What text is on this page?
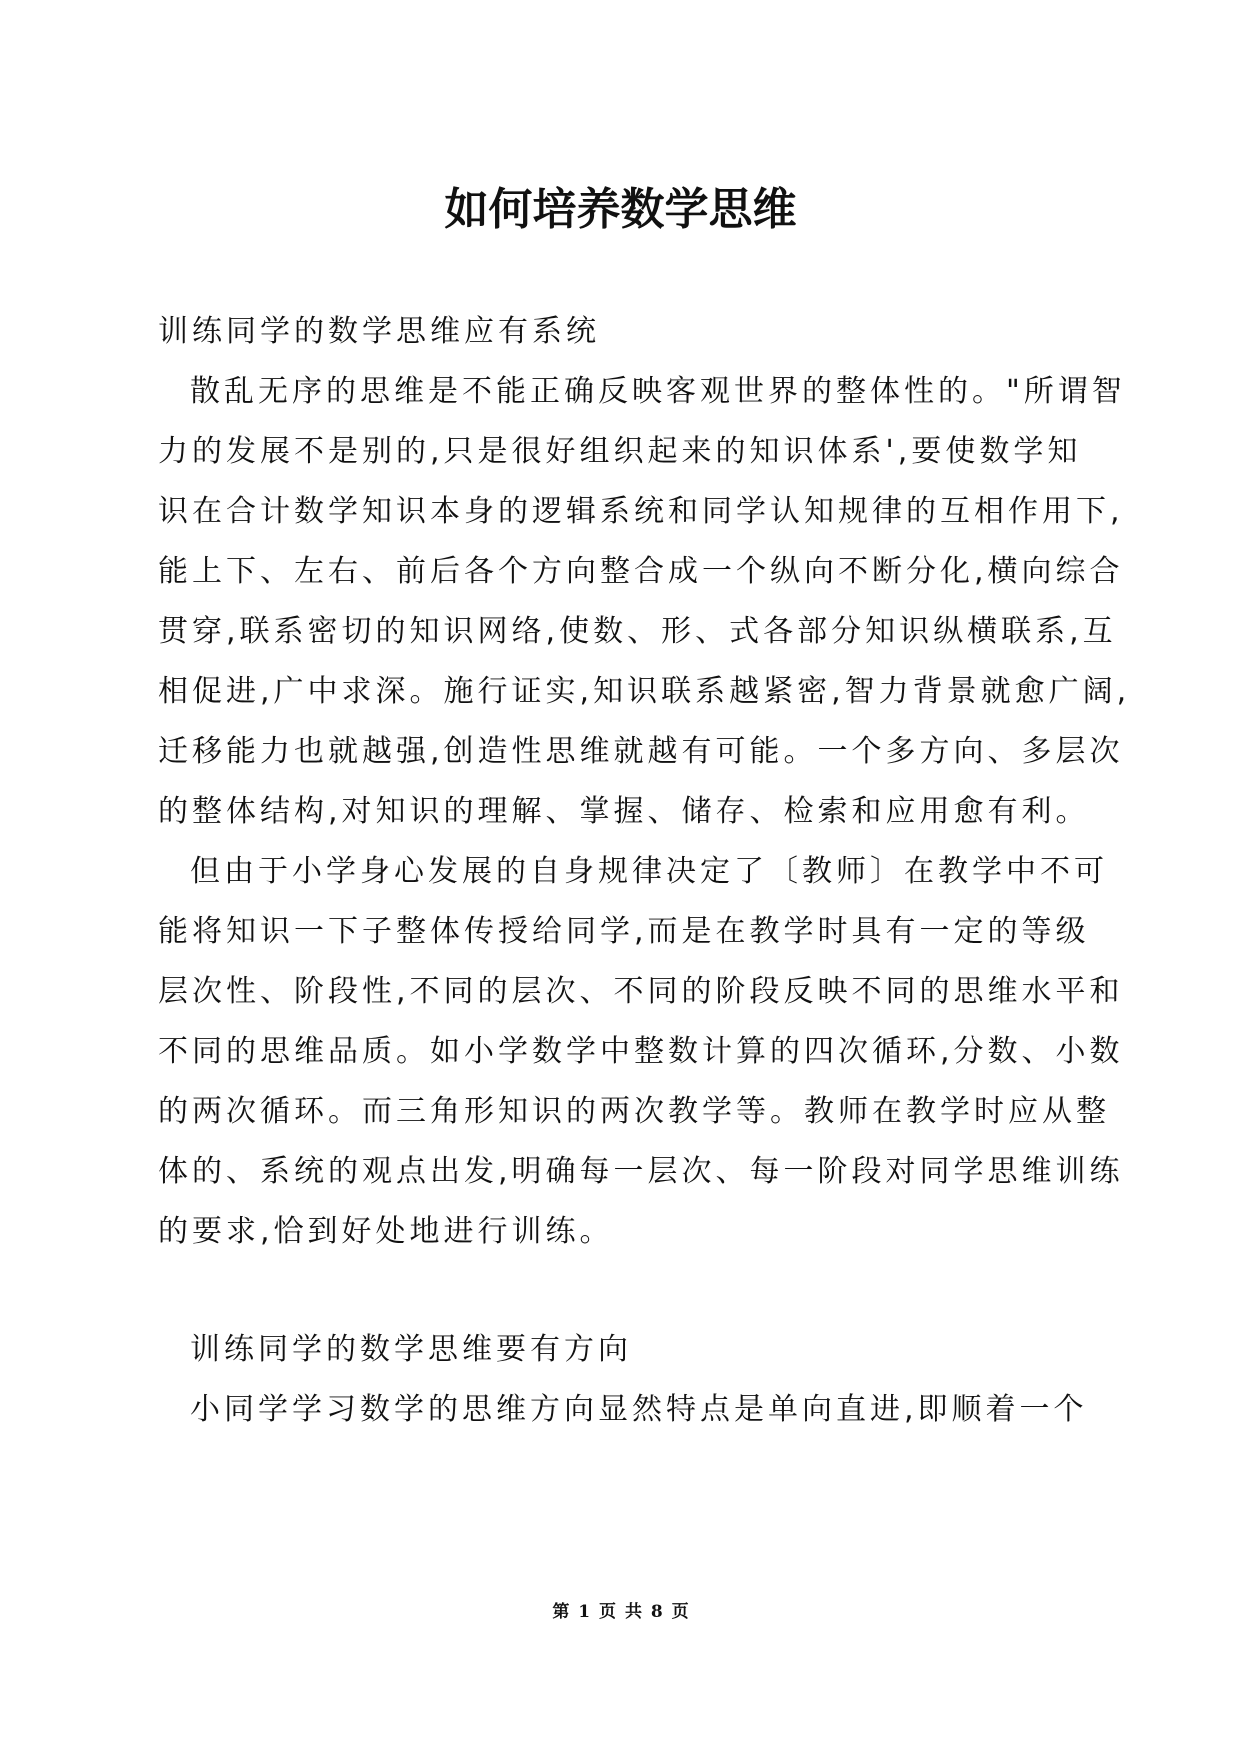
如何培养数学思维

训练同学的数学思维应有系统

散乱无序的思维是不能正确反映客观世界的整体性的。"所谓智

力的发展不是别的,只是很好组织起来的知识体系',要使数学知

识在合计数学知识本身的逻辑系统和同学认知规律的互相作用下,

能上下、左右、前后各个方向整合成一个纵向不断分化,横向综合

贯穿,联系密切的知识网络,使数、形、式各部分知识纵横联系,互

相促进,广中求深。施行证实,知识联系越紧密,智力背景就愈广阔,

迁移能力也就越强,创造性思维就越有可能。一个多方向、多层次

的整体结构,对知识的理解、掌握、储存、检索和应用愈有利。

但由于小学身心发展的自身规律决定了〔教师〕在教学中不可

能将知识一下子整体传授给同学,而是在教学时具有一定的等级

层次性、阶段性,不同的层次、不同的阶段反映不同的思维水平和

不同的思维品质。如小学数学中整数计算的四次循环,分数、小数

的两次循环。而三角形知识的两次教学等。教师在教学时应从整

体的、系统的观点出发,明确每一层次、每一阶段对同学思维训练

的要求,恰到好处地进行训练。

训练同学的数学思维要有方向

小同学学习数学的思维方向显然特点是单向直进,即顺着一个

第 1 页 共 8 页
